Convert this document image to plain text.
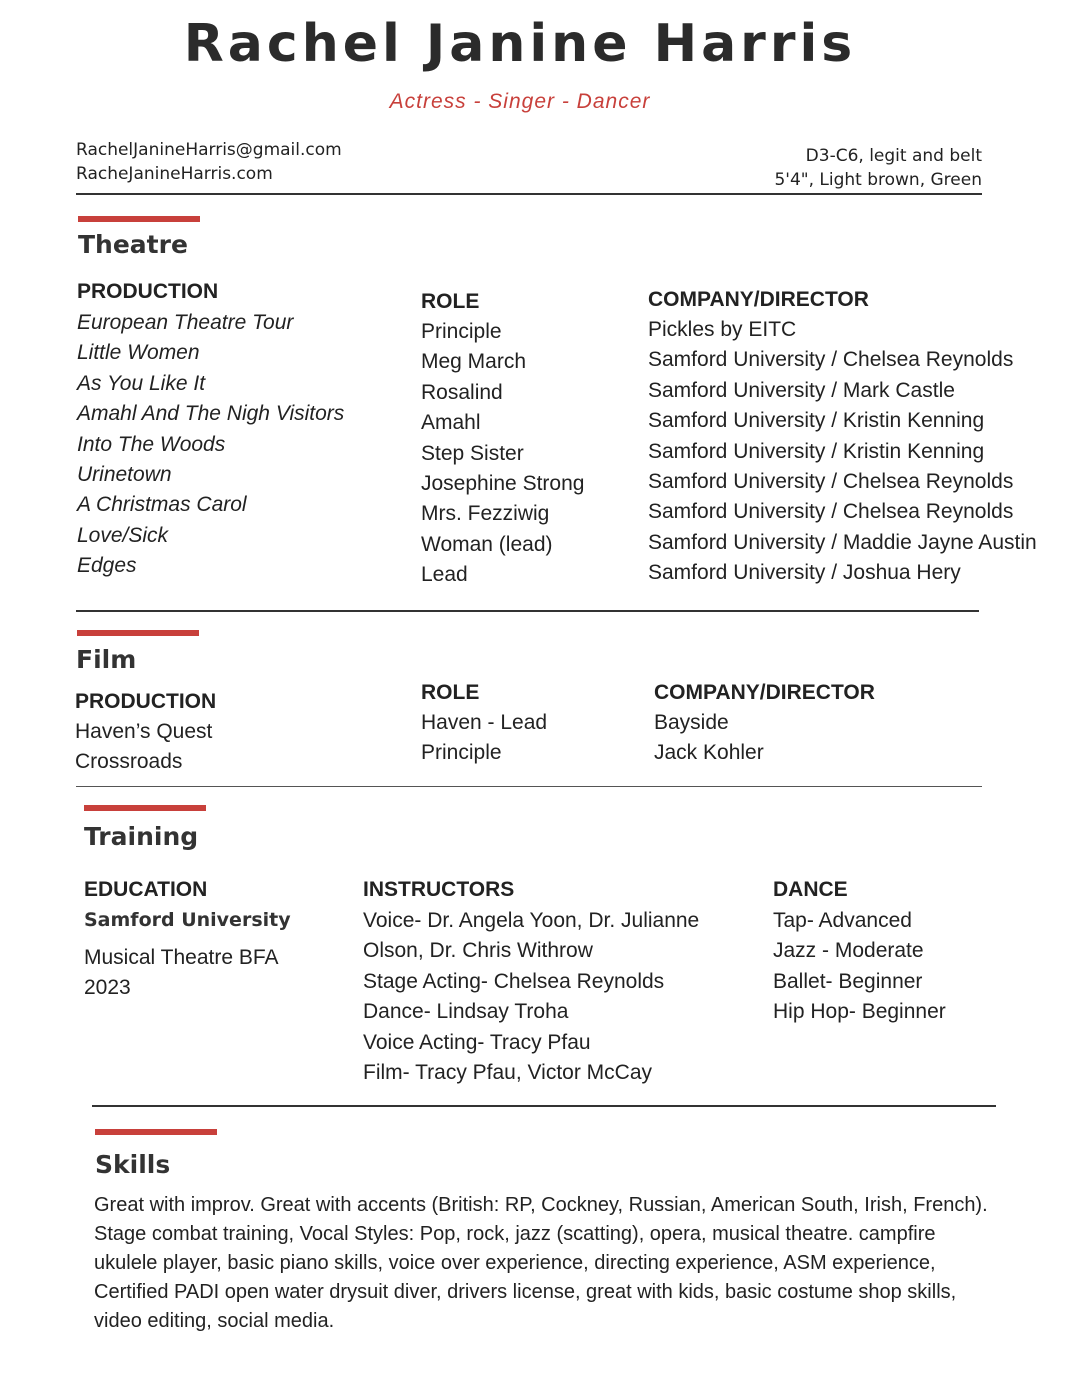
Rachel Janine Harris
Actress - Singer - Dancer
RachelJanineHarris@gmail.com
RacheJanineHarris.com
D3-C6, legit and belt
5'4", Light brown, Green
Theatre
PRODUCTION
European Theatre Tour
Little Women
As You Like It
Amahl And The Nigh Visitors
Into The Woods
Urinetown
A Christmas Carol
Love/Sick
Edges
ROLE
Principle
Meg March
Rosalind
Amahl
Step Sister
Josephine Strong
Mrs. Fezziwig
Woman (lead)
Lead
COMPANY/DIRECTOR
Pickles by EITC
Samford University / Chelsea Reynolds
Samford University / Mark Castle
Samford University / Kristin Kenning
Samford University / Kristin Kenning
Samford University / Chelsea Reynolds
Samford University / Chelsea Reynolds
Samford University / Maddie Jayne Austin
Samford University / Joshua Hery
Film
PRODUCTION
Haven’s Quest
Crossroads
ROLE
Haven - Lead
Principle
COMPANY/DIRECTOR
Bayside
Jack Kohler
Training
EDUCATION
Samford University
Musical Theatre BFA
2023
INSTRUCTORS
Voice- Dr. Angela Yoon, Dr. Julianne
Olson, Dr. Chris Withrow
Stage Acting- Chelsea Reynolds
Dance- Lindsay Troha
Voice Acting- Tracy Pfau
Film- Tracy Pfau, Victor McCay
DANCE
Tap- Advanced
Jazz - Moderate
Ballet- Beginner
Hip Hop- Beginner
Skills
Great with improv. Great with accents (British: RP, Cockney, Russian, American South, Irish, French). Stage combat training, Vocal Styles: Pop, rock, jazz (scatting), opera, musical theatre. campfire ukulele player, basic piano skills, voice over experience, directing experience, ASM experience, Certified PADI open water drysuit diver, drivers license, great with kids, basic costume shop skills, video editing, social media.
